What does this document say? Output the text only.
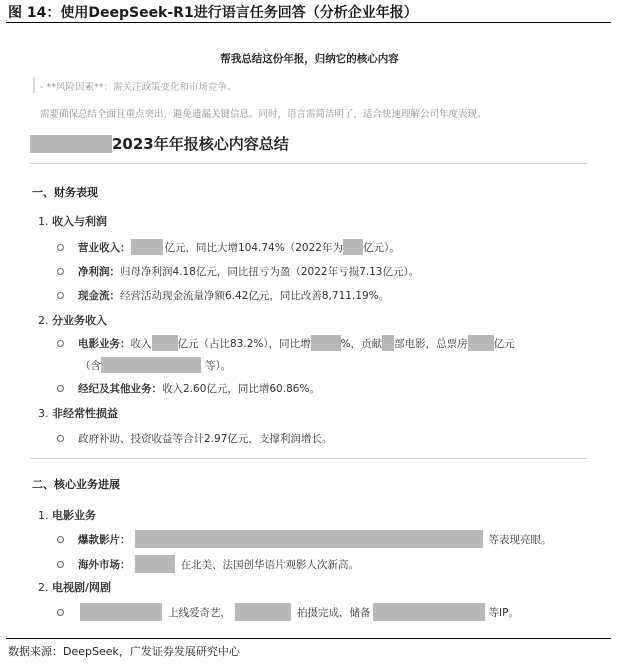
图 14：使用DeepSeek-R1进行语言任务回答（分析企业年报）
帮我总结这份年报，归纳它的核心内容
- **风险因素**：需关注政策变化和市场竞争。
需要确保总结全面且重点突出，避免遗漏关键信息。同时，语言需简洁明了，适合快速理解公司年度表现。
2023年年报核心内容总结
一、财务表现
1. 收入与利润
营业收入：	亿元，同比大增104.74%（2022年为 亿元）。
净利润： 归母净利润4.18亿元，同比扭亏为盈（2022年亏损7.13亿元）。
现金流： 经营活动现金流量净额6.42亿元，同比改善8,711.19%。
2. 分业务收入
电影业务： 收入 亿元（占比83.2%），同比增	%，贡献 部电影，总票房 亿元
（含	等）。
经纪及其他业务： 收入2.60亿元，同比增60.86%。
3. 非经常性损益
政府补助、投资收益等合计2.97亿元，支撑利润增长。
二、核心业务进展
1. 电影业务
爆款影片：	等表现亮眼。
海外市场：	在北美、法国创华语片观影人次新高。
2. 电视剧/网剧
上线爱奇艺，	拍摄完成，储备	等IP。
数据来源：DeepSeek，广发证券发展研究中心
